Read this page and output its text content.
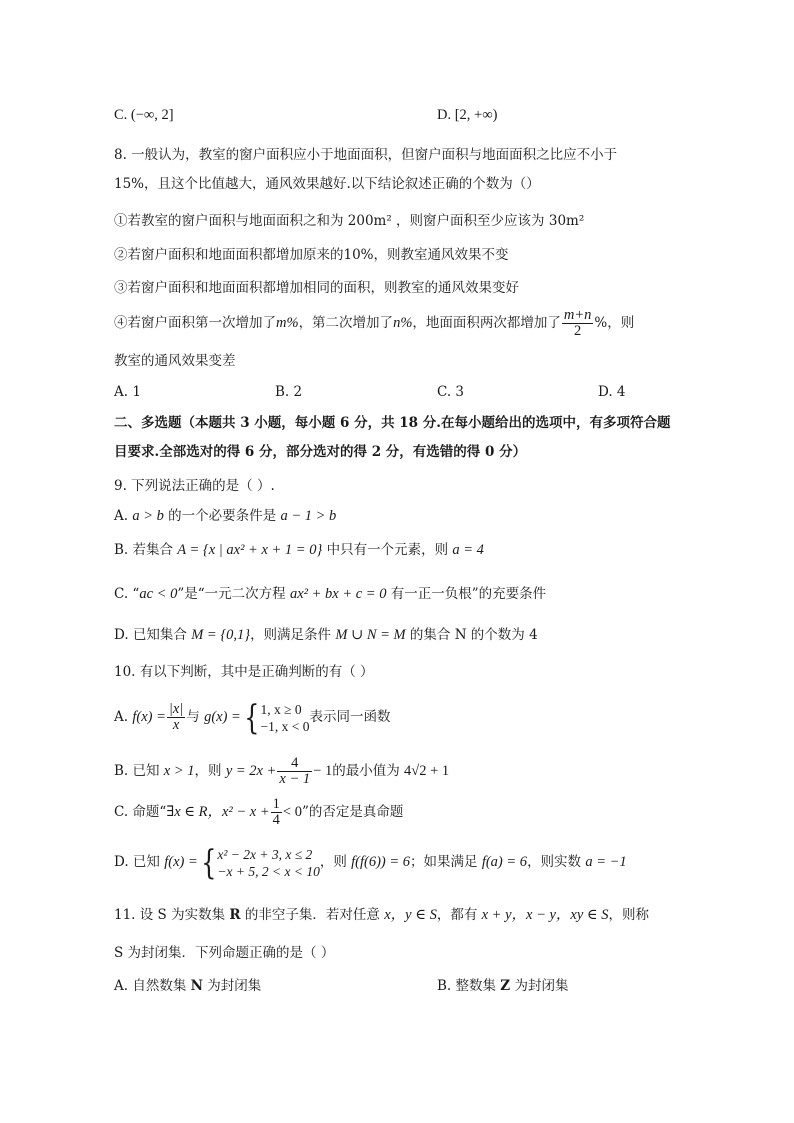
C. (−∞, 2]	D. [2, +∞)
8. 一般认为，教室的窗户面积应小于地面面积，但窗户面积与地面面积之比应不小于
15%，且这个比值越大，通风效果越好.以下结论叙述正确的个数为（）
①若教室的窗户面积与地面面积之和为 200m² ，则窗户面积至少应该为 30m²
②若窗户面积和地面面积都增加原来的10%，则教室通风效果不变
③若窗户面积和地面面积都增加相同的面积，则教室的通风效果变好
④若窗户面积第一次增加了m%，第二次增加了n%，地面面积两次都增加了 $\frac{m+n}{2}$ %，则
教室的通风效果变差
A. 1	B. 2	C. 3	D. 4
二、多选题（本题共 3 小题，每小题 6 分，共 18 分.在每小题给出的选项中，有多项符合题
目要求.全部选对的得 6 分，部分选对的得 2 分，有选错的得 0 分）
9. 下列说法正确的是（ ）.
A. a > b 的一个必要条件是 a − 1 > b
B. 若集合 A = {x | ax² + x + 1 = 0} 中只有一个元素，则 a = 4
C. “ac < 0”是“一元二次方程 ax² + bx + c = 0 有一正一负根”的充要条件
D. 已知集合 M = {0,1}，则满足条件 M ∪ N = M 的集合 N 的个数为 4
10. 有以下判断，其中是正确判断的有（ ）
A. $f(x) = \frac{|x|}{x}$ 与 g(x) ={ 1, x ≥ 0
−1, x < 0
表示同一函数
B. 已知 x > 1，则 $y = 2x + \frac{4}{x - 1} - 1$的最小值为 4√2 + 1
C. 命题“∃x ∈ R，$x^2 - x + \frac{1}{4} < 0$”的否定是真命题
D. 已知 f(x) ={ x² − 2x + 3, x ≤ 2
−x + 5, 2 < x < 10
，则 f(f(6)) = 6；如果满足 f(a) = 6，则实数 a = −1
11. 设 S 为实数集 R 的非空子集．若对任意 x，y ∈ S，都有 x + y，x − y，xy ∈ S，则称
S 为封闭集．下列命题正确的是（ ）
A. 自然数集 N 为封闭集	B. 整数集 Z 为封闭集
